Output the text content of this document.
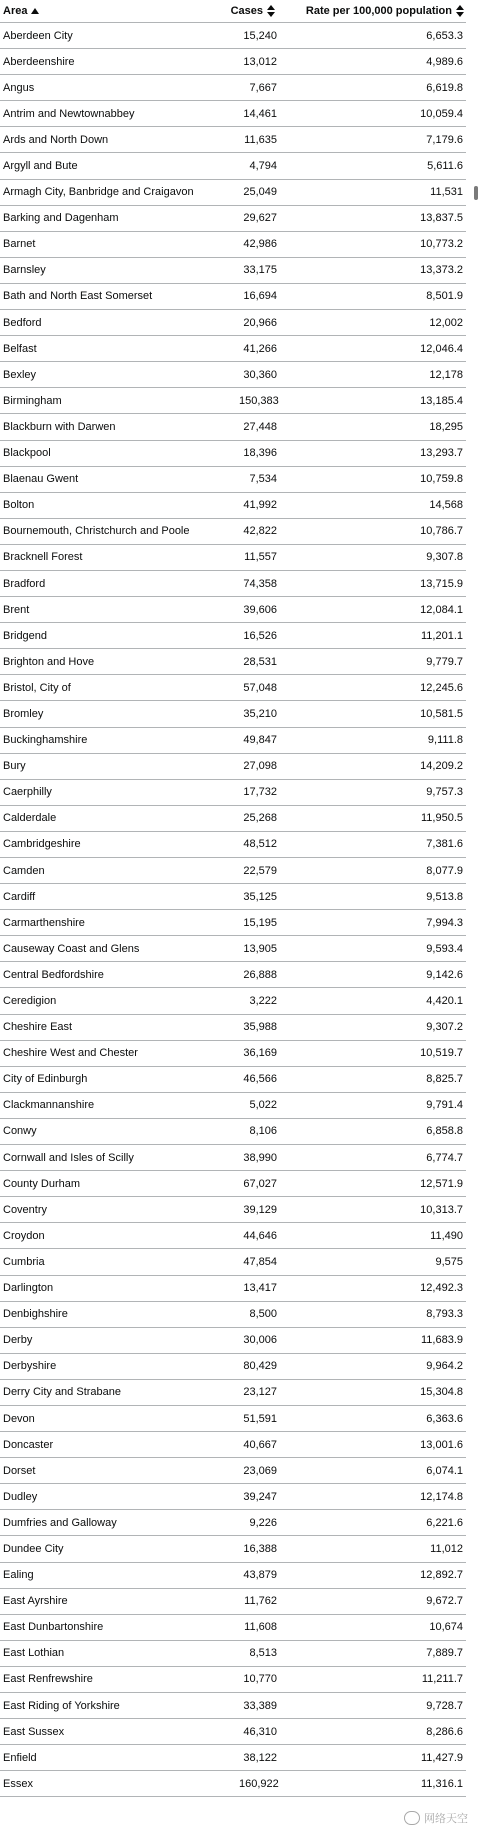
Area	Cases	Rate per 100,000 population
Aberdeen City	15,240	6,653.3
Aberdeenshire	13,012	4,989.6
Angus	7,667	6,619.8
Antrim and Newtownabbey	14,461	10,059.4
Ards and North Down	11,635	7,179.6
Argyll and Bute	4,794	5,611.6
Armagh City, Banbridge and Craigavon	25,049	11,531
Barking and Dagenham	29,627	13,837.5
Barnet	42,986	10,773.2
Barnsley	33,175	13,373.2
Bath and North East Somerset	16,694	8,501.9
Bedford	20,966	12,002
Belfast	41,266	12,046.4
Bexley	30,360	12,178
Birmingham	150,383	13,185.4
Blackburn with Darwen	27,448	18,295
Blackpool	18,396	13,293.7
Blaenau Gwent	7,534	10,759.8
Bolton	41,992	14,568
Bournemouth, Christchurch and Poole	42,822	10,786.7
Bracknell Forest	11,557	9,307.8
Bradford	74,358	13,715.9
Brent	39,606	12,084.1
Bridgend	16,526	11,201.1
Brighton and Hove	28,531	9,779.7
Bristol, City of	57,048	12,245.6
Bromley	35,210	10,581.5
Buckinghamshire	49,847	9,111.8
Bury	27,098	14,209.2
Caerphilly	17,732	9,757.3
Calderdale	25,268	11,950.5
Cambridgeshire	48,512	7,381.6
Camden	22,579	8,077.9
Cardiff	35,125	9,513.8
Carmarthenshire	15,195	7,994.3
Causeway Coast and Glens	13,905	9,593.4
Central Bedfordshire	26,888	9,142.6
Ceredigion	3,222	4,420.1
Cheshire East	35,988	9,307.2
Cheshire West and Chester	36,169	10,519.7
City of Edinburgh	46,566	8,825.7
Clackmannanshire	5,022	9,791.4
Conwy	8,106	6,858.8
Cornwall and Isles of Scilly	38,990	6,774.7
County Durham	67,027	12,571.9
Coventry	39,129	10,313.7
Croydon	44,646	11,490
Cumbria	47,854	9,575
Darlington	13,417	12,492.3
Denbighshire	8,500	8,793.3
Derby	30,006	11,683.9
Derbyshire	80,429	9,964.2
Derry City and Strabane	23,127	15,304.8
Devon	51,591	6,363.6
Doncaster	40,667	13,001.6
Dorset	23,069	6,074.1
Dudley	39,247	12,174.8
Dumfries and Galloway	9,226	6,221.6
Dundee City	16,388	11,012
Ealing	43,879	12,892.7
East Ayrshire	11,762	9,672.7
East Dunbartonshire	11,608	10,674
East Lothian	8,513	7,889.7
East Renfrewshire	10,770	11,211.7
East Riding of Yorkshire	33,389	9,728.7
East Sussex	46,310	8,286.6
Enfield	38,122	11,427.9
Essex	160,922	11,316.1
网络天空
